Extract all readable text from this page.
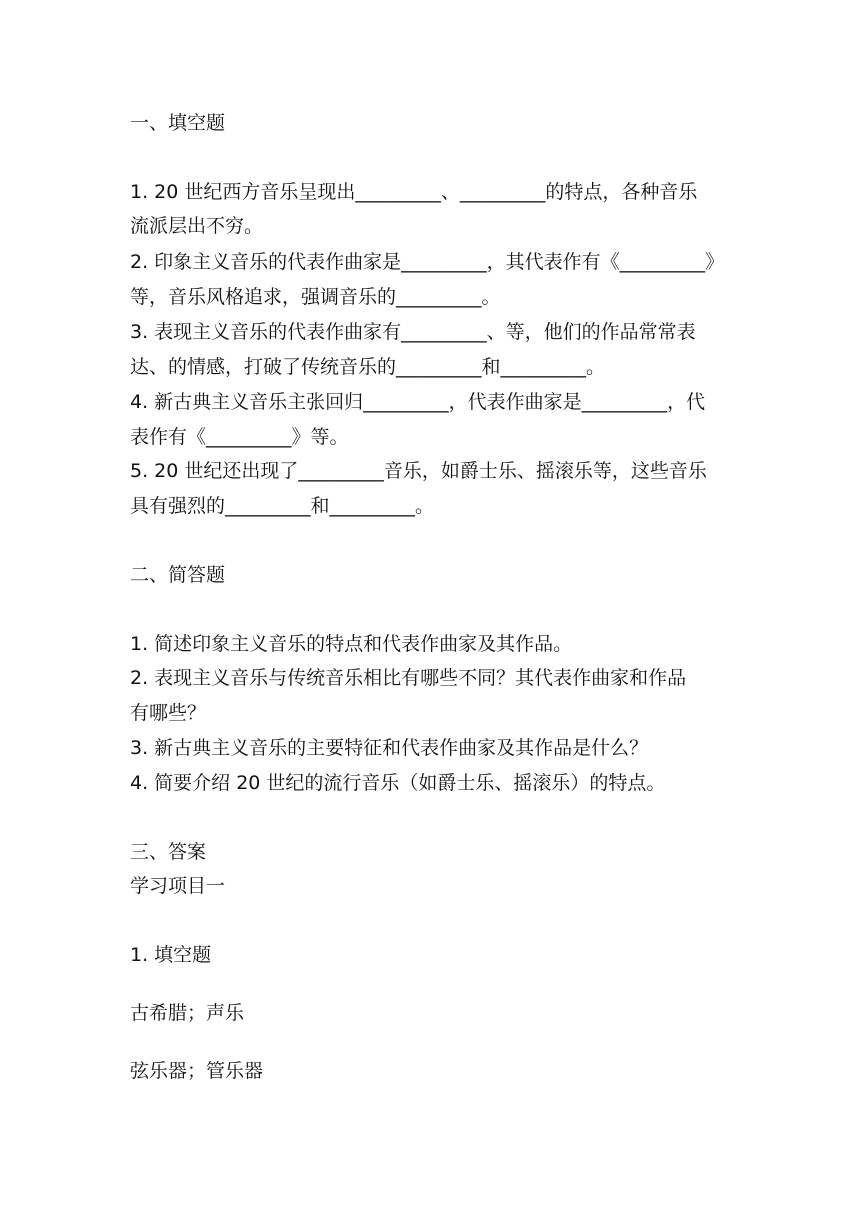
一、填空题
1. 20 世纪西方音乐呈现出_________、_________的特点，各种音乐
流派层出不穷。
2. 印象主义音乐的代表作曲家是_________，其代表作有《_________》
等，音乐风格追求，强调音乐的_________。
3. 表现主义音乐的代表作曲家有_________、等，他们的作品常常表
达、的情感，打破了传统音乐的_________和_________。
4. 新古典主义音乐主张回归_________，代表作曲家是_________，代
表作有《_________》等。
5. 20 世纪还出现了_________音乐，如爵士乐、摇滚乐等，这些音乐
具有强烈的_________和_________。
二、简答题
1. 简述印象主义音乐的特点和代表作曲家及其作品。
2. 表现主义音乐与传统音乐相比有哪些不同？其代表作曲家和作品
有哪些？
3. 新古典主义音乐的主要特征和代表作曲家及其作品是什么？
4. 简要介绍 20 世纪的流行音乐（如爵士乐、摇滚乐）的特点。
三、答案
学习项目一
1. 填空题
古希腊；声乐
弦乐器；管乐器
